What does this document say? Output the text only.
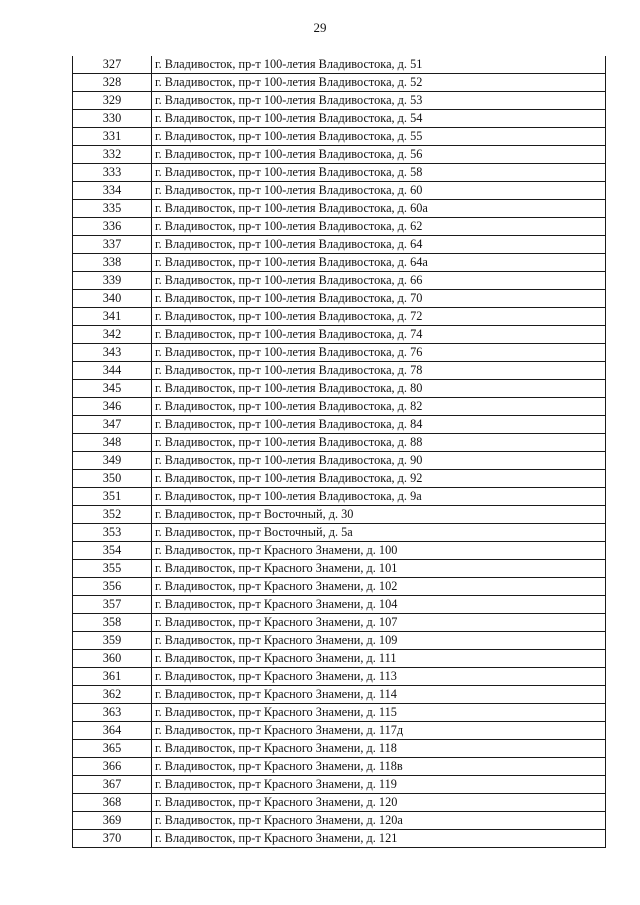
29
327	г. Владивосток, пр-т 100-летия Владивостока, д. 51
328	г. Владивосток, пр-т 100-летия Владивостока, д. 52
329	г. Владивосток, пр-т 100-летия Владивостока, д. 53
330	г. Владивосток, пр-т 100-летия Владивостока, д. 54
331	г. Владивосток, пр-т 100-летия Владивостока, д. 55
332	г. Владивосток, пр-т 100-летия Владивостока, д. 56
333	г. Владивосток, пр-т 100-летия Владивостока, д. 58
334	г. Владивосток, пр-т 100-летия Владивостока, д. 60
335	г. Владивосток, пр-т 100-летия Владивостока, д. 60а
336	г. Владивосток, пр-т 100-летия Владивостока, д. 62
337	г. Владивосток, пр-т 100-летия Владивостока, д. 64
338	г. Владивосток, пр-т 100-летия Владивостока, д. 64а
339	г. Владивосток, пр-т 100-летия Владивостока, д. 66
340	г. Владивосток, пр-т 100-летия Владивостока, д. 70
341	г. Владивосток, пр-т 100-летия Владивостока, д. 72
342	г. Владивосток, пр-т 100-летия Владивостока, д. 74
343	г. Владивосток, пр-т 100-летия Владивостока, д. 76
344	г. Владивосток, пр-т 100-летия Владивостока, д. 78
345	г. Владивосток, пр-т 100-летия Владивостока, д. 80
346	г. Владивосток, пр-т 100-летия Владивостока, д. 82
347	г. Владивосток, пр-т 100-летия Владивостока, д. 84
348	г. Владивосток, пр-т 100-летия Владивостока, д. 88
349	г. Владивосток, пр-т 100-летия Владивостока, д. 90
350	г. Владивосток, пр-т 100-летия Владивостока, д. 92
351	г. Владивосток, пр-т 100-летия Владивостока, д. 9а
352	г. Владивосток, пр-т Восточный, д. 30
353	г. Владивосток, пр-т Восточный, д. 5а
354	г. Владивосток, пр-т Красного Знамени, д. 100
355	г. Владивосток, пр-т Красного Знамени, д. 101
356	г. Владивосток, пр-т Красного Знамени, д. 102
357	г. Владивосток, пр-т Красного Знамени, д. 104
358	г. Владивосток, пр-т Красного Знамени, д. 107
359	г. Владивосток, пр-т Красного Знамени, д. 109
360	г. Владивосток, пр-т Красного Знамени, д. 111
361	г. Владивосток, пр-т Красного Знамени, д. 113
362	г. Владивосток, пр-т Красного Знамени, д. 114
363	г. Владивосток, пр-т Красного Знамени, д. 115
364	г. Владивосток, пр-т Красного Знамени, д. 117д
365	г. Владивосток, пр-т Красного Знамени, д. 118
366	г. Владивосток, пр-т Красного Знамени, д. 118в
367	г. Владивосток, пр-т Красного Знамени, д. 119
368	г. Владивосток, пр-т Красного Знамени, д. 120
369	г. Владивосток, пр-т Красного Знамени, д. 120а
370	г. Владивосток, пр-т Красного Знамени, д. 121
